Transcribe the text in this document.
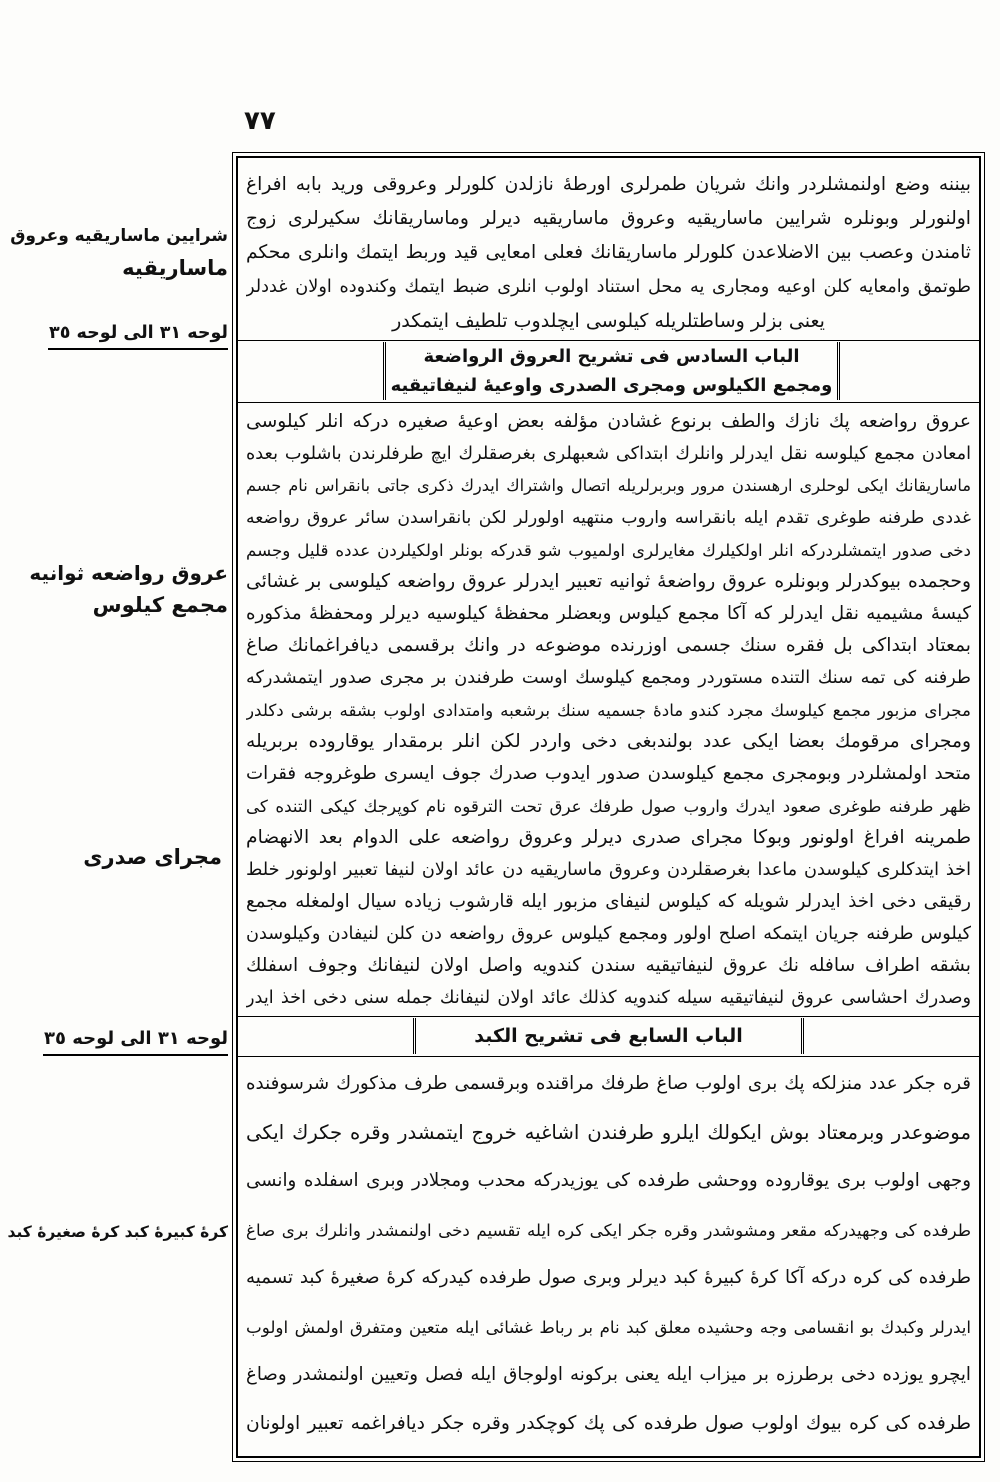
٧٧
شرايين ماساريقيه وعروق
ماساريقيه
لوحه ٣١ الى لوحه ٣٥
عروق رواضعه ثوانيه
مجمع كيلوس
مجراى صدرى
لوحه ٣١ الى لوحه ٣٥
كرهٔ كبيرهٔ كبد كرهٔ صغيرهٔ كبد
بيننه وضع اولنمشلردر وانك شريان طمرلرى اورطهٔ نازلدن كلورلر وعروقى وريد بابه افراغ
اولنورلر وبونلره شرايين ماساريقيه وعروق ماساريقيه ديرلر وماساريقانك سكيرلرى زوج
ثامندن وعصب بين الاضلاعدن كلورلر ماساريقانك فعلى امعايى قيد وربط ايتمك وانلرى محكم
طوتمق وامعايه كلن اوعيه ومجارى يه محل استناد اولوب انلرى ضبط ايتمك وكندوده اولان غددلر
يعنى بزلر وساطتلريله كيلوسى ايچلدوب تلطيف ايتمكدر
الباب السادس فى تشريح العروق الرواضعة
ومجمع الكيلوس ومجرى الصدرى واوعيهٔ لنيفاتيقيه
عروق رواضعه پك نازك والطف برنوع غشادن مؤلفه بعض اوعيهٔ صغيره دركه انلر كيلوسى
امعادن مجمع كيلوسه نقل ايدرلر وانلرك ابتداكى شعبهلرى بغرصقلرك ايچ طرفلرندن باشلوب بعده
ماساريقانك ايكى لوحلرى ارهسندن مرور وبربرلريله اتصال واشتراك ايدرك ذكرى جاتى بانقراس نام جسم
غددى طرفنه طوغرى تقدم ايله بانقراسه واروب منتهيه اولورلر لكن بانقراسدن سائر عروق رواضعه
دخى صدور ايتمشلردركه انلر اولكيلرك مغايرلرى اولميوب شو قدركه بونلر اولكيلردن عدده قليل وجسم
وحجمده بيوكدرلر وبونلره عروق رواضعهٔ ثوانيه تعبير ايدرلر عروق رواضعه كيلوسى بر غشائى
كيسهٔ مشيميه نقل ايدرلر كه آكا مجمع كيلوس وبعضلر محفظهٔ كيلوسيه ديرلر ومحفظهٔ مذكوره
بمعتاد ابتداكى بل فقره سنك جسمى اوزرنده موضوعه در وانك برقسمى ديافراغمانك صاغ
طرفنه كى تمه سنك التنده مستوردر ومجمع كيلوسك اوست طرفندن بر مجرى صدور ايتمشدركه
مجراى مزبور مجمع كيلوسك مجرد كندو مادهٔ جسميه سنك برشعبه وامتدادى اولوب بشقه برشى دكلدر
ومجراى مرقومك بعضا ايكى عدد بولندبغى دخى واردر لكن انلر برمقدار يوقاروده بربريله
متحد اولمشلردر وبومجرى مجمع كيلوسدن صدور ايدوب صدرك جوف ايسرى طوغروجه فقرات
ظهر طرفنه طوغرى صعود ايدرك واروب صول طرفك عرق تحت الترقوه نام كوپرجك كيكى التنده كى
طمرينه افراغ اولونور وبوكا مجراى صدرى ديرلر وعروق رواضعه على الدوام بعد الانهضام
اخذ ايتدكلرى كيلوسدن ماعدا بغرصقلردن وعروق ماساريقيه دن عائد اولان لنيفا تعبير اولونور خلط
رقيقى دخى اخذ ايدرلر شويله كه كيلوس لنيفاى مزبور ايله قارشوب زياده سيال اولمغله مجمع
كيلوس طرفنه جريان ايتمكه اصلح اولور ومجمع كيلوس عروق رواضعه دن كلن لنيفادن وكيلوسدن
بشقه اطراف سافله نك عروق لنيفاتيقيه سندن كندويه واصل اولان لنيفانك وجوف اسفلك
وصدرك احشاسى عروق لنيفاتيقيه سيله كندويه كذلك عائد اولان لنيفانك جمله سنى دخى اخذ ايدر
الباب السابع فى تشريح الكبد
قره جكر عدد منزلكه پك برى اولوب صاغ طرفك مراقنده وبرقسمى طرف مذكورك شرسوفنده
موضوعدر وبرمعتاد بوش ايكولك ايلرو طرفندن اشاغيه خروج ايتمشدر وقره جكرك ايكى
وجهى اولوب برى يوقاروده ووحشى طرفده كى يوزيدركه محدب ومجلادر وبرى اسفلده وانسى
طرفده كى وجهيدركه مقعر ومشوشدر وقره جكر ايكى كره ايله تقسيم دخى اولنمشدر وانلرك برى صاغ
طرفده كى كره دركه آكا كرهٔ كبيرهٔ كبد ديرلر وبرى صول طرفده كيدركه كرهٔ صغيرهٔ كبد تسميه
ايدرلر وكبدك بو انقسامى وجه وحشيده معلق كبد نام بر رباط غشائى ايله متعين ومتفرق اولمش اولوب
ايچرو يوزده دخى برطرزه بر ميزاب ايله يعنى بركونه اولوجاق ايله فصل وتعيين اولنمشدر وصاغ
طرفده كى كره بيوك اولوب صول طرفده كى پك كوچكدر وقره جكر ديافراغمه تعبير اولونان
